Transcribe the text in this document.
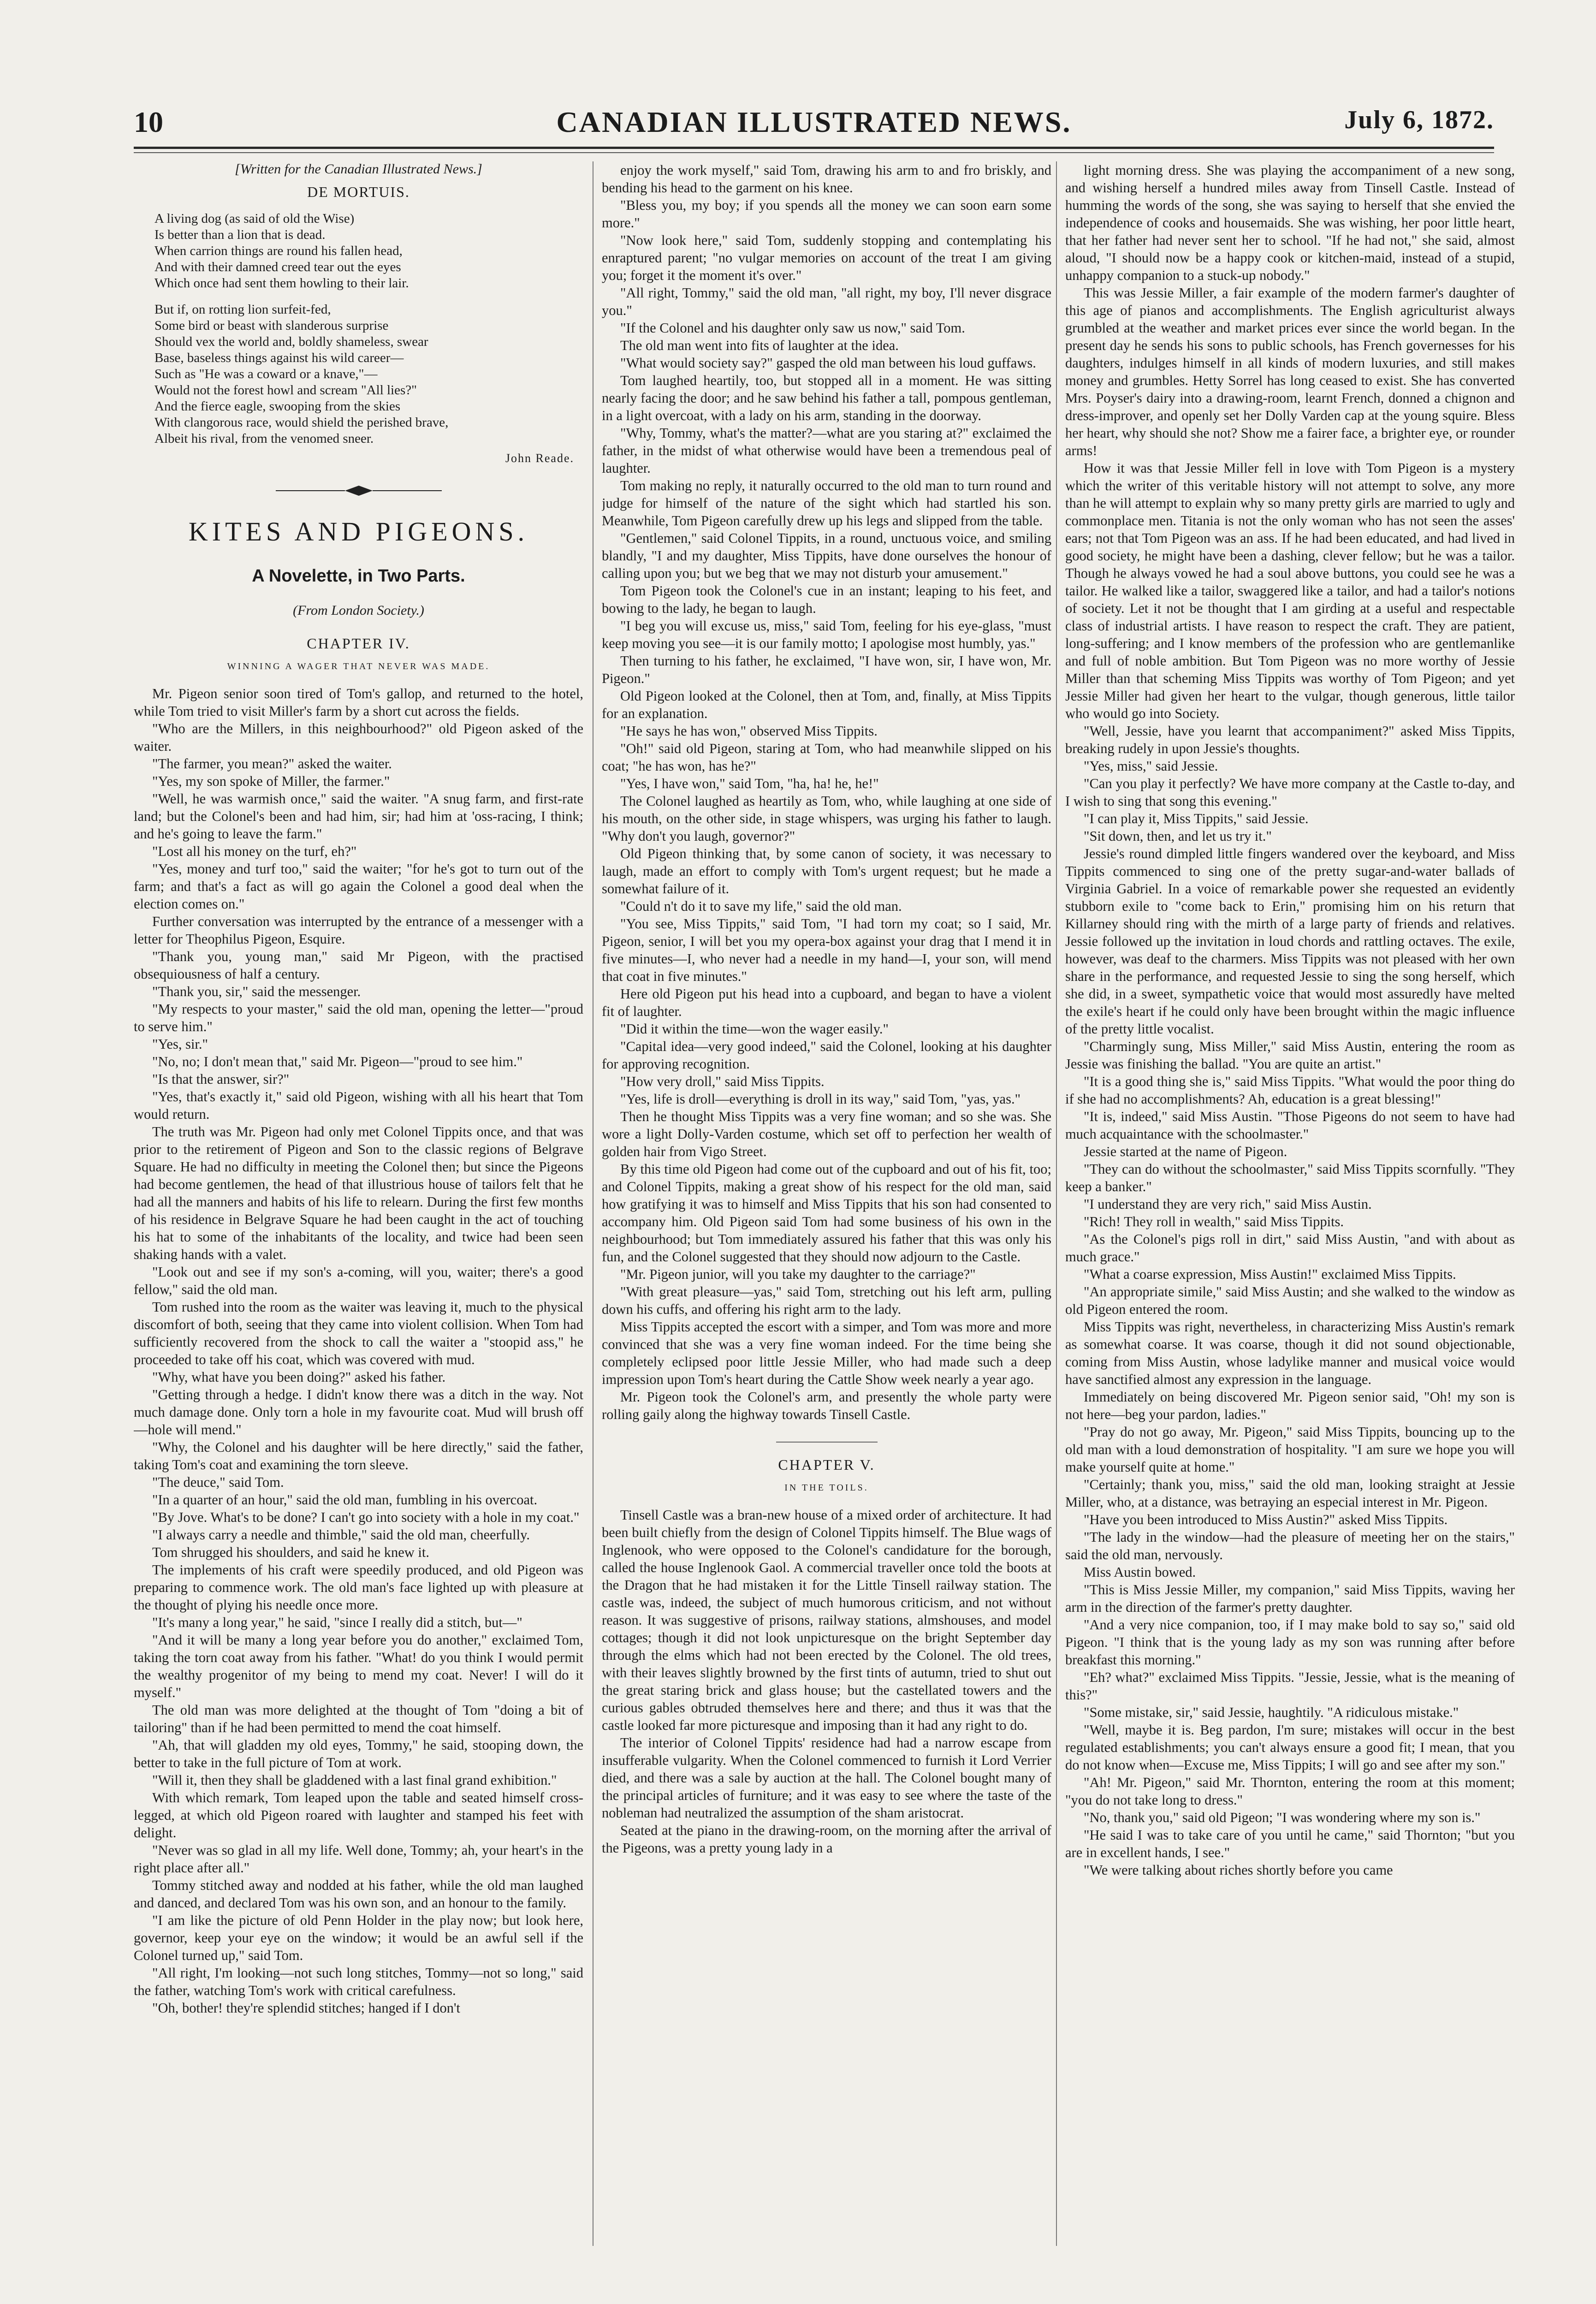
10	CANADIAN ILLUSTRATED NEWS.	July 6, 1872.
[Written for the Canadian Illustrated News.]
DE MORTUIS.
A living dog (as said of old the Wise)
Is better than a lion that is dead.
When carrion things are round his fallen head,
And with their damned creed tear out the eyes
Which once had sent them howling to their lair.
But if, on rotting lion surfeit-fed,
Some bird or beast with slanderous surprise
Should vex the world and, boldly shameless, swear
Base, baseless things against his wild career—
Such as "He was a coward or a knave,"—
Would not the forest howl and scream "All lies?"
And the fierce eagle, swooping from the skies
With clangorous race, would shield the perished brave,
Albeit his rival, from the venomed sneer.
John Reade.
KITES AND PIGEONS.
A Novelette, in Two Parts.
(From London Society.)
CHAPTER IV.
WINNING A WAGER THAT NEVER WAS MADE.

Mr. Pigeon senior soon tired of Tom's gallop, and returned to the hotel, while Tom tried to visit Miller's farm by a short cut across the fields.

"Who are the Millers, in this neighbourhood?" old Pigeon asked of the waiter.

"The farmer, you mean?" asked the waiter.

"Yes, my son spoke of Miller, the farmer."

"Well, he was warmish once," said the waiter. "A snug farm, and first-rate land; but the Colonel's been and had him, sir; had him at 'oss-racing, I think; and he's going to leave the farm."

"Lost all his money on the turf, eh?"

"Yes, money and turf too," said the waiter; "for he's got to turn out of the farm; and that's a fact as will go again the Colonel a good deal when the election comes on."

Further conversation was interrupted by the entrance of a messenger with a letter for Theophilus Pigeon, Esquire.

"Thank you, young man," said Mr Pigeon, with the practised obsequiousness of half a century.

"Thank you, sir," said the messenger.

"My respects to your master," said the old man, opening the letter—"proud to serve him."

"Yes, sir."

"No, no; I don't mean that," said Mr. Pigeon—"proud to see him."

"Is that the answer, sir?"

"Yes, that's exactly it," said old Pigeon, wishing with all his heart that Tom would return.

The truth was Mr. Pigeon had only met Colonel Tippits once, and that was prior to the retirement of Pigeon and Son to the classic regions of Belgrave Square. He had no difficulty in meeting the Colonel then; but since the Pigeons had become gentlemen, the head of that illustrious house of tailors felt that he had all the manners and habits of his life to relearn. During the first few months of his residence in Belgrave Square he had been caught in the act of touching his hat to some of the inhabitants of the locality, and twice had been seen shaking hands with a valet.

"Look out and see if my son's a-coming, will you, waiter; there's a good fellow," said the old man.

Tom rushed into the room as the waiter was leaving it, much to the physical discomfort of both, seeing that they came into violent collision. When Tom had sufficiently recovered from the shock to call the waiter a "stoopid ass," he proceeded to take off his coat, which was covered with mud.

"Why, what have you been doing?" asked his father.

"Getting through a hedge. I didn't know there was a ditch in the way. Not much damage done. Only torn a hole in my favourite coat. Mud will brush off—hole will mend."

"Why, the Colonel and his daughter will be here directly," said the father, taking Tom's coat and examining the torn sleeve.

"The deuce," said Tom.

"In a quarter of an hour," said the old man, fumbling in his overcoat.

"By Jove. What's to be done? I can't go into society with a hole in my coat."

"I always carry a needle and thimble," said the old man, cheerfully.

Tom shrugged his shoulders, and said he knew it.

The implements of his craft were speedily produced, and old Pigeon was preparing to commence work. The old man's face lighted up with pleasure at the thought of plying his needle once more.

"It's many a long year," he said, "since I really did a stitch, but—"

"And it will be many a long year before you do another," exclaimed Tom, taking the torn coat away from his father. "What! do you think I would permit the wealthy progenitor of my being to mend my coat. Never! I will do it myself."

The old man was more delighted at the thought of Tom "doing a bit of tailoring" than if he had been permitted to mend the coat himself.

"Ah, that will gladden my old eyes, Tommy," he said, stooping down, the better to take in the full picture of Tom at work.

"Will it, then they shall be gladdened with a last final grand exhibition."

With which remark, Tom leaped upon the table and seated himself cross-legged, at which old Pigeon roared with laughter and stamped his feet with delight.

"Never was so glad in all my life. Well done, Tommy; ah, your heart's in the right place after all."

Tommy stitched away and nodded at his father, while the old man laughed and danced, and declared Tom was his own son, and an honour to the family.

"I am like the picture of old Penn Holder in the play now; but look here, governor, keep your eye on the window; it would be an awful sell if the Colonel turned up," said Tom.

"All right, I'm looking—not such long stitches, Tommy—not so long," said the father, watching Tom's work with critical carefulness.

"Oh, bother! they're splendid stitches; hanged if I don't

enjoy the work myself," said Tom, drawing his arm to and fro briskly, and bending his head to the garment on his knee.

"Bless you, my boy; if you spends all the money we can soon earn some more."

"Now look here," said Tom, suddenly stopping and contemplating his enraptured parent; "no vulgar memories on account of the treat I am giving you; forget it the moment it's over."

"All right, Tommy," said the old man, "all right, my boy, I'll never disgrace you."

"If the Colonel and his daughter only saw us now," said Tom.

The old man went into fits of laughter at the idea.

"What would society say?" gasped the old man between his loud guffaws.

Tom laughed heartily, too, but stopped all in a moment. He was sitting nearly facing the door; and he saw behind his father a tall, pompous gentleman, in a light overcoat, with a lady on his arm, standing in the doorway.

"Why, Tommy, what's the matter?—what are you staring at?" exclaimed the father, in the midst of what otherwise would have been a tremendous peal of laughter.

Tom making no reply, it naturally occurred to the old man to turn round and judge for himself of the nature of the sight which had startled his son. Meanwhile, Tom Pigeon carefully drew up his legs and slipped from the table.

"Gentlemen," said Colonel Tippits, in a round, unctuous voice, and smiling blandly, "I and my daughter, Miss Tippits, have done ourselves the honour of calling upon you; but we beg that we may not disturb your amusement."

Tom Pigeon took the Colonel's cue in an instant; leaping to his feet, and bowing to the lady, he began to laugh.

"I beg you will excuse us, miss," said Tom, feeling for his eye-glass, "must keep moving you see—it is our family motto; I apologise most humbly, yas."

Then turning to his father, he exclaimed, "I have won, sir, I have won, Mr. Pigeon."

Old Pigeon looked at the Colonel, then at Tom, and, finally, at Miss Tippits for an explanation.

"He says he has won," observed Miss Tippits.

"Oh!" said old Pigeon, staring at Tom, who had meanwhile slipped on his coat; "he has won, has he?"

"Yes, I have won," said Tom, "ha, ha! he, he!"

The Colonel laughed as heartily as Tom, who, while laughing at one side of his mouth, on the other side, in stage whispers, was urging his father to laugh. "Why don't you laugh, governor?"

Old Pigeon thinking that, by some canon of society, it was necessary to laugh, made an effort to comply with Tom's urgent request; but he made a somewhat failure of it.

"Could n't do it to save my life," said the old man.

"You see, Miss Tippits," said Tom, "I had torn my coat; so I said, Mr. Pigeon, senior, I will bet you my opera-box against your drag that I mend it in five minutes—I, who never had a needle in my hand—I, your son, will mend that coat in five minutes."

Here old Pigeon put his head into a cupboard, and began to have a violent fit of laughter.

"Did it within the time—won the wager easily."

"Capital idea—very good indeed," said the Colonel, looking at his daughter for approving recognition.

"How very droll," said Miss Tippits.

"Yes, life is droll—everything is droll in its way," said Tom, "yas, yas."

Then he thought Miss Tippits was a very fine woman; and so she was. She wore a light Dolly-Varden costume, which set off to perfection her wealth of golden hair from Vigo Street.

By this time old Pigeon had come out of the cupboard and out of his fit, too; and Colonel Tippits, making a great show of his respect for the old man, said how gratifying it was to himself and Miss Tippits that his son had consented to accompany him. Old Pigeon said Tom had some business of his own in the neighbourhood; but Tom immediately assured his father that this was only his fun, and the Colonel suggested that they should now adjourn to the Castle.

"Mr. Pigeon junior, will you take my daughter to the carriage?"

"With great pleasure—yas," said Tom, stretching out his left arm, pulling down his cuffs, and offering his right arm to the lady.

Miss Tippits accepted the escort with a simper, and Tom was more and more convinced that she was a very fine woman indeed. For the time being she completely eclipsed poor little Jessie Miller, who had made such a deep impression upon Tom's heart during the Cattle Show week nearly a year ago.

Mr. Pigeon took the Colonel's arm, and presently the whole party were rolling gaily along the highway towards Tinsell Castle.

CHAPTER V.
IN THE TOILS.

Tinsell Castle was a bran-new house of a mixed order of architecture. It had been built chiefly from the design of Colonel Tippits himself. The Blue wags of Inglenook, who were opposed to the Colonel's candidature for the borough, called the house Inglenook Gaol. A commercial traveller once told the boots at the Dragon that he had mistaken it for the Little Tinsell railway station. The castle was, indeed, the subject of much humorous criticism, and not without reason. It was suggestive of prisons, railway stations, almshouses, and model cottages; though it did not look unpicturesque on the bright September day through the elms which had not been erected by the Colonel. The old trees, with their leaves slightly browned by the first tints of autumn, tried to shut out the great staring brick and glass house; but the castellated towers and the curious gables obtruded themselves here and there; and thus it was that the castle looked far more picturesque and imposing than it had any right to do.

The interior of Colonel Tippits' residence had had a narrow escape from insufferable vulgarity. When the Colonel commenced to furnish it Lord Verrier died, and there was a sale by auction at the hall. The Colonel bought many of the principal articles of furniture; and it was easy to see where the taste of the nobleman had neutralized the assumption of the sham aristocrat.

Seated at the piano in the drawing-room, on the morning after the arrival of the Pigeons, was a pretty young lady in a

light morning dress. She was playing the accompaniment of a new song, and wishing herself a hundred miles away from Tinsell Castle. Instead of humming the words of the song, she was saying to herself that she envied the independence of cooks and housemaids. She was wishing, her poor little heart, that her father had never sent her to school. "If he had not," she said, almost aloud, "I should now be a happy cook or kitchen-maid, instead of a stupid, unhappy companion to a stuck-up nobody."

This was Jessie Miller, a fair example of the modern farmer's daughter of this age of pianos and accomplishments. The English agriculturist always grumbled at the weather and market prices ever since the world began. In the present day he sends his sons to public schools, has French governesses for his daughters, indulges himself in all kinds of modern luxuries, and still makes money and grumbles. Hetty Sorrel has long ceased to exist. She has converted Mrs. Poyser's dairy into a drawing-room, learnt French, donned a chignon and dress-improver, and openly set her Dolly Varden cap at the young squire. Bless her heart, why should she not? Show me a fairer face, a brighter eye, or rounder arms!

How it was that Jessie Miller fell in love with Tom Pigeon is a mystery which the writer of this veritable history will not attempt to solve, any more than he will attempt to explain why so many pretty girls are married to ugly and commonplace men. Titania is not the only woman who has not seen the asses' ears; not that Tom Pigeon was an ass. If he had been educated, and had lived in good society, he might have been a dashing, clever fellow; but he was a tailor. Though he always vowed he had a soul above buttons, you could see he was a tailor. He walked like a tailor, swaggered like a tailor, and had a tailor's notions of society. Let it not be thought that I am girding at a useful and respectable class of industrial artists. I have reason to respect the craft. They are patient, long-suffering; and I know members of the profession who are gentlemanlike and full of noble ambition. But Tom Pigeon was no more worthy of Jessie Miller than that scheming Miss Tippits was worthy of Tom Pigeon; and yet Jessie Miller had given her heart to the vulgar, though generous, little tailor who would go into Society.

"Well, Jessie, have you learnt that accompaniment?" asked Miss Tippits, breaking rudely in upon Jessie's thoughts.

"Yes, miss," said Jessie.

"Can you play it perfectly? We have more company at the Castle to-day, and I wish to sing that song this evening."

"I can play it, Miss Tippits," said Jessie.

"Sit down, then, and let us try it."

Jessie's round dimpled little fingers wandered over the keyboard, and Miss Tippits commenced to sing one of the pretty sugar-and-water ballads of Virginia Gabriel. In a voice of remarkable power she requested an evidently stubborn exile to "come back to Erin," promising him on his return that Killarney should ring with the mirth of a large party of friends and relatives. Jessie followed up the invitation in loud chords and rattling octaves. The exile, however, was deaf to the charmers. Miss Tippits was not pleased with her own share in the performance, and requested Jessie to sing the song herself, which she did, in a sweet, sympathetic voice that would most assuredly have melted the exile's heart if he could only have been brought within the magic influence of the pretty little vocalist.

"Charmingly sung, Miss Miller," said Miss Austin, entering the room as Jessie was finishing the ballad. "You are quite an artist."

"It is a good thing she is," said Miss Tippits. "What would the poor thing do if she had no accomplishments? Ah, education is a great blessing!"

"It is, indeed," said Miss Austin. "Those Pigeons do not seem to have had much acquaintance with the schoolmaster."

Jessie started at the name of Pigeon.

"They can do without the schoolmaster," said Miss Tippits scornfully. "They keep a banker."

"I understand they are very rich," said Miss Austin.

"Rich! They roll in wealth," said Miss Tippits.

"As the Colonel's pigs roll in dirt," said Miss Austin, "and with about as much grace."

"What a coarse expression, Miss Austin!" exclaimed Miss Tippits.

"An appropriate simile," said Miss Austin; and she walked to the window as old Pigeon entered the room.

Miss Tippits was right, nevertheless, in characterizing Miss Austin's remark as somewhat coarse. It was coarse, though it did not sound objectionable, coming from Miss Austin, whose ladylike manner and musical voice would have sanctified almost any expression in the language.

Immediately on being discovered Mr. Pigeon senior said, "Oh! my son is not here—beg your pardon, ladies."

"Pray do not go away, Mr. Pigeon," said Miss Tippits, bouncing up to the old man with a loud demonstration of hospitality. "I am sure we hope you will make yourself quite at home."

"Certainly; thank you, miss," said the old man, looking straight at Jessie Miller, who, at a distance, was betraying an especial interest in Mr. Pigeon.

"Have you been introduced to Miss Austin?" asked Miss Tippits.

"The lady in the window—had the pleasure of meeting her on the stairs," said the old man, nervously.

Miss Austin bowed.

"This is Miss Jessie Miller, my companion," said Miss Tippits, waving her arm in the direction of the farmer's pretty daughter.

"And a very nice companion, too, if I may make bold to say so," said old Pigeon. "I think that is the young lady as my son was running after before breakfast this morning."

"Eh? what?" exclaimed Miss Tippits. "Jessie, Jessie, what is the meaning of this?"

"Some mistake, sir," said Jessie, haughtily. "A ridiculous mistake."

"Well, maybe it is. Beg pardon, I'm sure; mistakes will occur in the best regulated establishments; you can't always ensure a good fit; I mean, that you do not know when—Excuse me, Miss Tippits; I will go and see after my son."

"Ah! Mr. Pigeon," said Mr. Thornton, entering the room at this moment; "you do not take long to dress."

"No, thank you," said old Pigeon; "I was wondering where my son is."

"He said I was to take care of you until he came," said Thornton; "but you are in excellent hands, I see."

"We were talking about riches shortly before you came
